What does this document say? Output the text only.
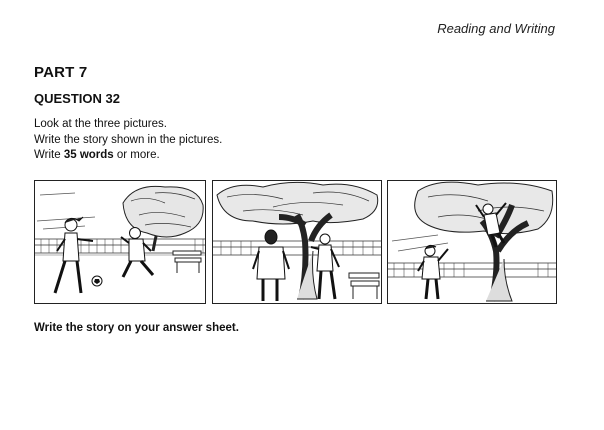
Reading and Writing
PART 7
QUESTION 32
Look at the three pictures.
Write the story shown in the pictures.
Write 35 words or more.
Write the story on your answer sheet.
